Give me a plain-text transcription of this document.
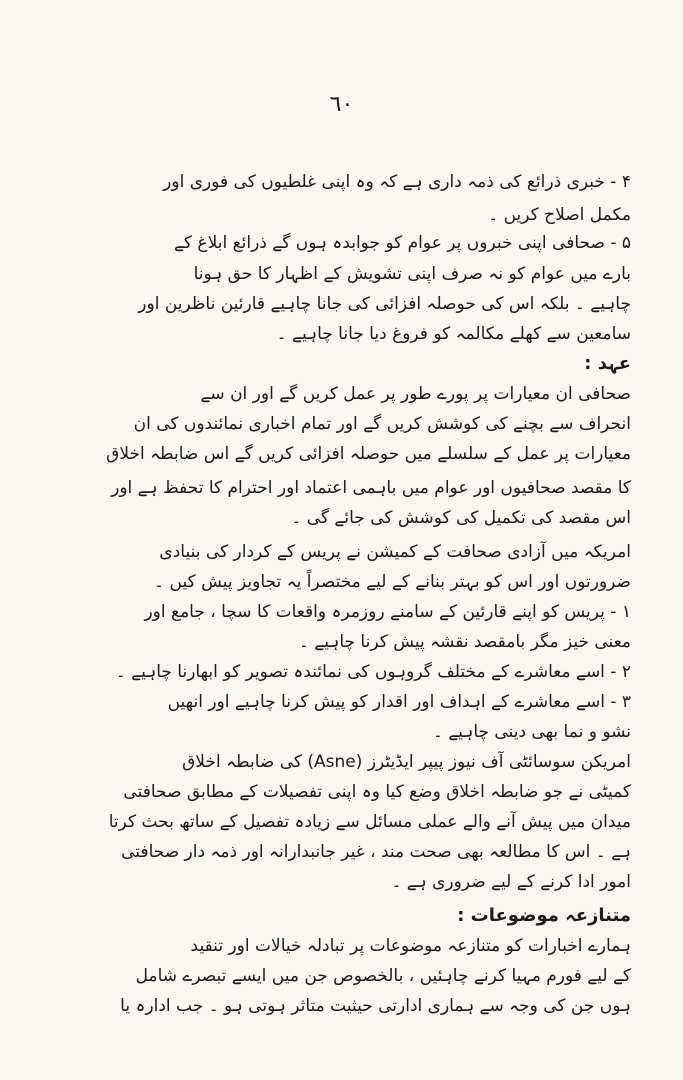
٦٠
۴ - خبری ذرائع کی ذمہ داری ہے کہ وہ اپنی غلطیوں کی فوری اور
مکمل اصلاح کریں ۔
۵ - صحافی اپنی خبروں پر عوام کو جوابدہ ہوں گے ذرائع ابلاغ کے
بارے میں عوام کو نہ صرف اپنی تشویش کے اظہار کا حق ہونا
چاہیے ۔ بلکہ اس کی حوصلہ افزائی کی جانا چاہیے قارئین ناظرین اور
سامعین سے کھلے مکالمہ کو فروغ دیا جانا چاہیے ۔
عہد :
صحافی ان معیارات پر پورے طور پر عمل کریں گے اور ان سے
انحراف سے بچنے کی کوشش کریں گے اور تمام اخباری نمائندوں کی ان
معیارات پر عمل کے سلسلے میں حوصلہ افزائی کریں گے اس ضابطہ اخلاق
کا مقصد صحافیوں اور عوام میں باہمی اعتماد اور احترام کا تحفظ ہے اور
اس مقصد کی تکمیل کی کوشش کی جائے گی ۔
امریکہ میں آزادی صحافت کے کمیشن نے پریس کے کردار کی بنیادی
ضرورتوں اور اس کو بہتر بنانے کے لیے مختصراً یہ تجاویز پیش کیں ۔
۱ - پریس کو اپنے قارئین کے سامنے روزمرہ واقعات کا سچا ، جامع اور
معنی خیز مگر بامقصد نقشہ پیش کرنا چاہیے ۔
۲ - اسے معاشرے کے مختلف گروہوں کی نمائندہ تصویر کو ابھارنا چاہیے ۔
۳ - اسے معاشرے کے اہداف اور اقدار کو پیش کرنا چاہیے اور انھیں
نشو و نما بھی دینی چاہیے ۔
امریکن سوسائٹی آف نیوز پیپر ایڈیٹرز (Asne) کی ضابطہ اخلاق
کمیٹی نے جو ضابطہ اخلاق وضع کیا وہ اپنی تفصیلات کے مطابق صحافتی
میدان میں پیش آنے والے عملی مسائل سے زیادہ تفصیل کے ساتھ بحث کرتا
ہے ۔ اس کا مطالعہ بھی صحت مند ، غیر جانبدارانہ اور ذمہ دار صحافتی
امور ادا کرنے کے لیے ضروری ہے ۔
متنازعہ موضوعات :
ہمارے اخبارات کو متنازعہ موضوعات پر تبادلہ خیالات اور تنقید
کے لیے فورم مہیا کرنے چاہئیں ، بالخصوص جن میں ایسے تبصرے شامل
ہوں جن کی وجہ سے ہماری ادارتی حیثیت متاثر ہوتی ہو ۔ جب ادارہ یا
